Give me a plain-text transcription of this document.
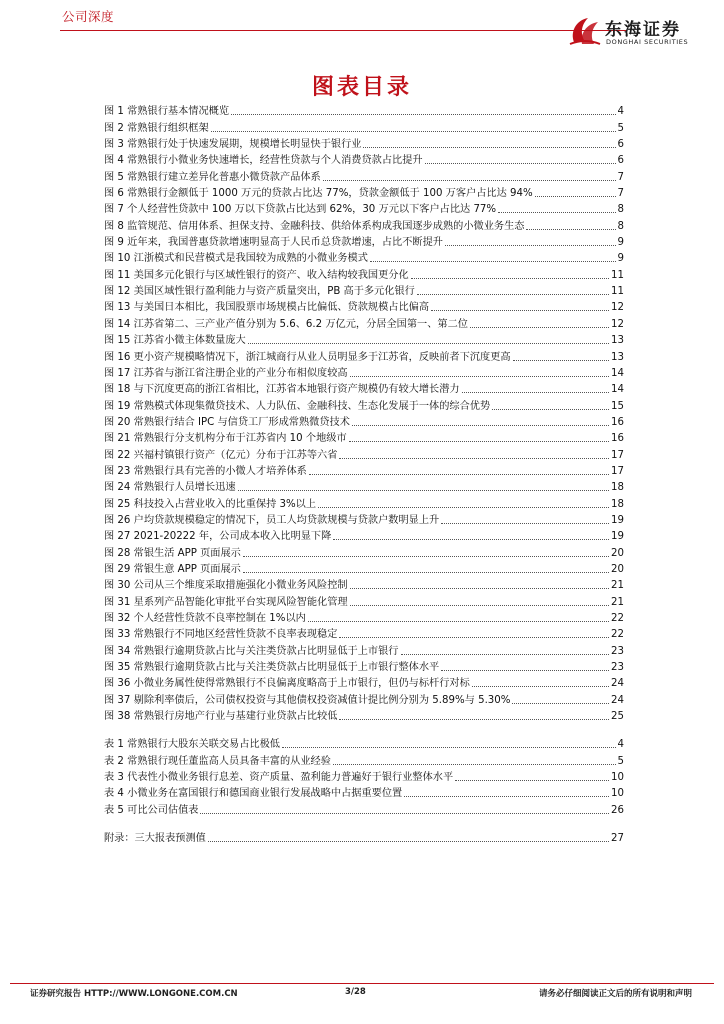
公司深度
东海证券
DONGHAI SECURITIES
图表目录
图 1 常熟银行基本情况概览	4
图 2 常熟银行组织框架	5
图 3 常熟银行处于快速发展期，规模增长明显快于银行业	6
图 4 常熟银行小微业务快速增长，经营性贷款与个人消费贷款占比提升	6
图 5 常熟银行建立差异化普惠小微贷款产品体系	7
图 6 常熟银行金额低于 1000 万元的贷款占比达 77%，贷款金额低于 100 万客户占比达 94%	7
图 7 个人经营性贷款中 100 万以下贷款占比达到 62%，30 万元以下客户占比达 77%	8
图 8 监管规范、信用体系、担保支持、金融科技、供给体系构成我国逐步成熟的小微业务生态	8
图 9 近年来，我国普惠贷款增速明显高于人民币总贷款增速，占比不断提升	9
图 10 江浙模式和民营模式是我国较为成熟的小微业务模式	9
图 11 美国多元化银行与区域性银行的资产、收入结构较我国更分化	11
图 12 美国区域性银行盈利能力与资产质量突出，PB 高于多元化银行	11
图 13 与美国日本相比，我国股票市场规模占比偏低、贷款规模占比偏高	12
图 14 江苏省第二、三产业产值分别为 5.6、6.2 万亿元，分居全国第一、第二位	12
图 15 江苏省小微主体数量庞大	13
图 16 更小资产规模略情况下，浙江城商行从业人员明显多于江苏省，反映前者下沉度更高	13
图 17 江苏省与浙江省注册企业的产业分布相似度较高	14
图 18 与下沉度更高的浙江省相比，江苏省本地银行资产规模仍有较大增长潜力	14
图 19 常熟模式体现集微贷技术、人力队伍、金融科技、生态化发展于一体的综合优势	15
图 20 常熟银行结合 IPC 与信贷工厂形成常熟微贷技术	16
图 21 常熟银行分支机构分布于江苏省内 10 个地级市	16
图 22 兴福村镇银行资产（亿元）分布于江苏等六省	17
图 23 常熟银行具有完善的小微人才培养体系	17
图 24 常熟银行人员增长迅速	18
图 25 科技投入占营业收入的比重保持 3%以上	18
图 26 户均贷款规模稳定的情况下，员工人均贷款规模与贷款户数明显上升	19
图 27 2021-20222 年，公司成本收入比明显下降	19
图 28 常银生活 APP 页面展示	20
图 29 常银生意 APP 页面展示	20
图 30 公司从三个维度采取措施强化小微业务风险控制	21
图 31 星系列产品智能化审批平台实现风险智能化管理	21
图 32 个人经营性贷款不良率控制在 1%以内	22
图 33 常熟银行不同地区经营性贷款不良率表现稳定	22
图 34 常熟银行逾期贷款占比与关注类贷款占比明显低于上市银行	23
图 35 常熟银行逾期贷款占比与关注类贷款占比明显低于上市银行整体水平	23
图 36 小微业务属性使得常熟银行不良偏离度略高于上市银行，但仍与标杆行对标	24
图 37 剔除利率债后，公司债权投资与其他债权投资减值计提比例分别为 5.89%与 5.30%	24
图 38 常熟银行房地产行业与基建行业贷款占比较低	25
表 1 常熟银行大股东关联交易占比极低	4
表 2 常熟银行现任董监高人员具备丰富的从业经验	5
表 3 代表性小微业务银行息差、资产质量、盈利能力普遍好于银行业整体水平	10
表 4 小微业务在富国银行和德国商业银行发展战略中占据重要位置	10
表 5 可比公司估值表	26
附录：三大报表预测值	27
证券研究报告 HTTP://WWW.LONGONE.COM.CN	3/28	请务必仔细阅读正文后的所有说明和声明
